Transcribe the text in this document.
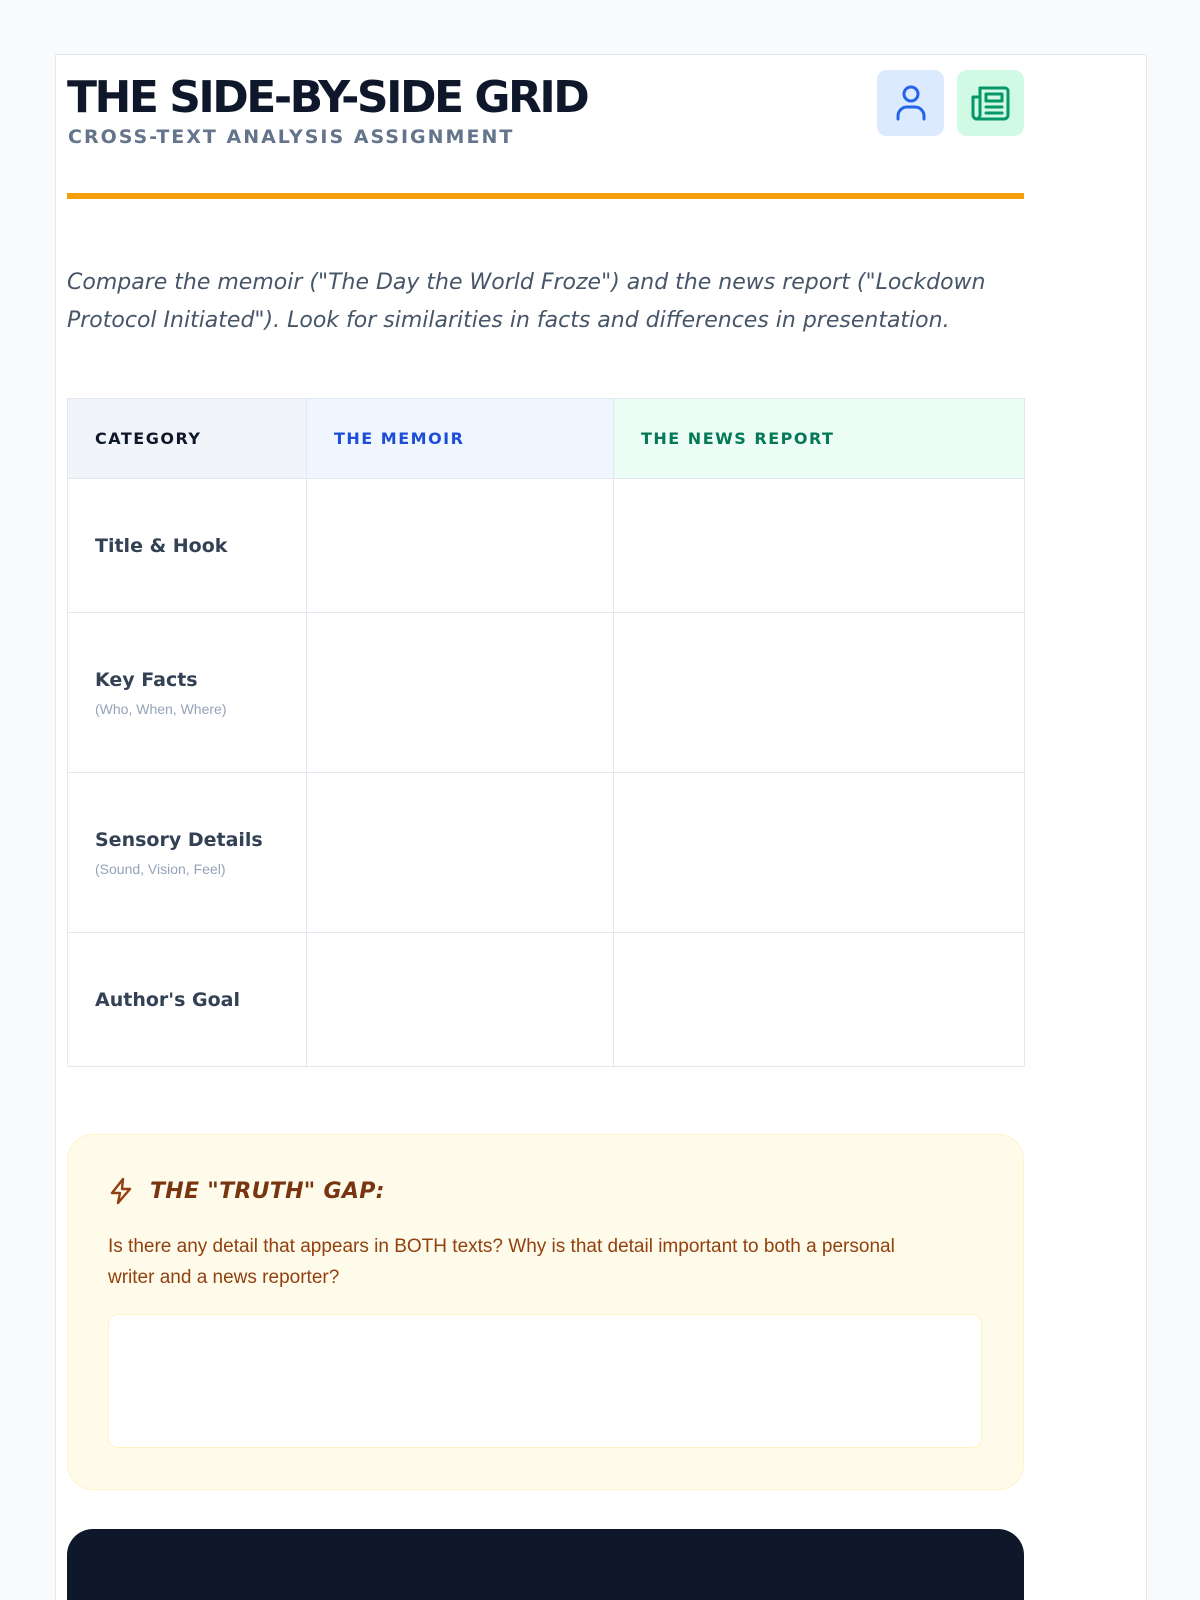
THE SIDE-BY-SIDE GRID
CROSS-TEXT ANALYSIS ASSIGNMENT
Compare the memoir ("The Day the World Froze") and the news report ("Lockdown Protocol Initiated"). Look for similarities in facts and differences in presentation.
CATEGORY	THE MEMOIR	THE NEWS REPORT

Title & Hook		

Key Facts
(Who, When, Where)		

Sensory Details
(Sound, Vision, Feel)		

Author's Goal		

THE "TRUTH" GAP:
Is there any detail that appears in BOTH texts? Why is that detail important to both a personal writer and a news reporter?
